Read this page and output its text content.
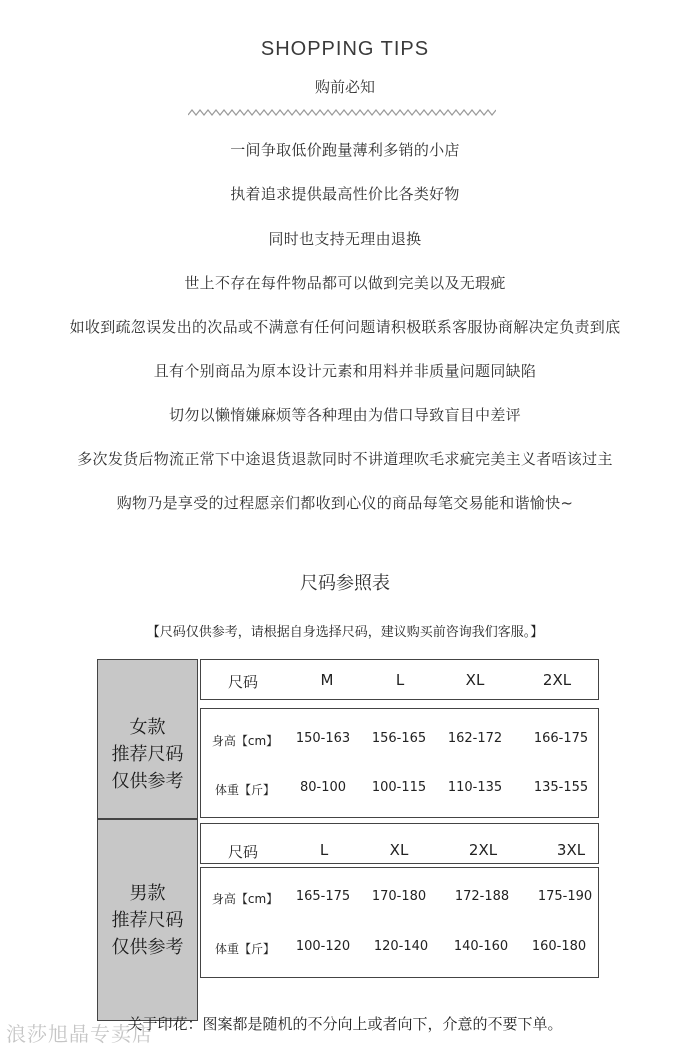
SHOPPING TIPS
购前必知
一间争取低价跑量薄利多销的小店
执着追求提供最高性价比各类好物
同时也支持无理由退换
世上不存在每件物品都可以做到完美以及无瑕疵
如收到疏忽误发出的次品或不满意有任何问题请积极联系客服协商解决定负责到底
且有个别商品为原本设计元素和用料并非质量问题同缺陷
切勿以懒惰嫌麻烦等各种理由为借口导致盲目中差评
多次发货后物流正常下中途退货退款同时不讲道理吹毛求疵完美主义者唔该过主
购物乃是享受的过程愿亲们都收到心仪的商品每笔交易能和谐愉快~
尺码参照表
【尺码仅供参考，请根据自身选择尺码，建议购买前咨询我们客服。】
女款
推荐尺码
仅供参考
男款
推荐尺码
仅供参考
尺码	M	L	XL	2XL
身高【cm】	150-163	156-165	162-172	166-175
体重【斤】	80-100	100-115	110-135	135-155
尺码	L	XL	2XL	3XL
身高【cm】	165-175	170-180	172-188	175-190
体重【斤】	100-120	120-140	140-160	160-180
关于印花：图案都是随机的不分向上或者向下，介意的不要下单。
浪莎旭晶专卖店
